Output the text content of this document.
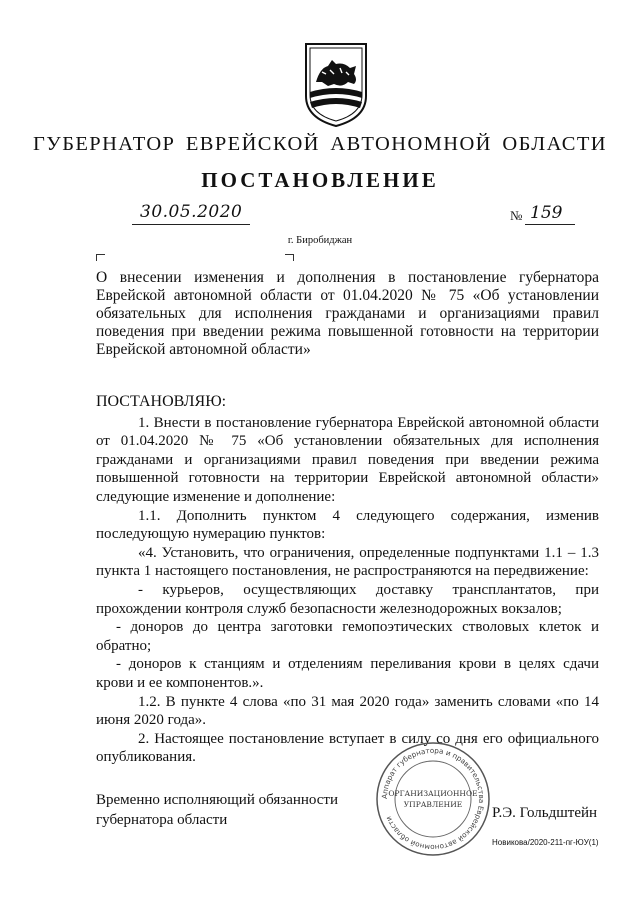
ГУБЕРНАТОР ЕВРЕЙСКОЙ АВТОНОМНОЙ ОБЛАСТИ
ПОСТАНОВЛЕНИЕ
30.05.2020	№ 159
г. Биробиджан
О внесении изменения и дополнения в постановление губернатора Еврейской автономной области от 01.04.2020 № 75 «Об установлении обязательных для исполнения гражданами и организациями правил поведения при введении режима повышенной готовности на территории Еврейской автономной области»

ПОСТАНОВЛЯЮ:

1. Внести в постановление губернатора Еврейской автономной области от 01.04.2020 № 75 «Об установлении обязательных для исполнения гражданами и организациями правил поведения при введении режима повышенной готовности на территории Еврейской автономной области» следующие изменение и дополнение:

1.1. Дополнить пунктом 4 следующего содержания, изменив последующую нумерацию пунктов:

«4. Установить, что ограничения, определенные подпунктами 1.1 – 1.3 пункта 1 настоящего постановления, не распространяются на передвижение:

- курьеров, осуществляющих доставку трансплантатов, при прохождении контроля служб безопасности железнодорожных вокзалов;

- доноров до центра заготовки гемопоэтических стволовых клеток и обратно;

- доноров к станциям и отделениям переливания крови в целях сдачи крови и ее компонентов.».

1.2. В пункте 4 слова «по 31 мая 2020 года» заменить словами «по 14 июня 2020 года».

2. Настоящее постановление вступает в силу со дня его официального опубликования.

Временно исполняющий обязанности
губернатора области
Аппарат губернатора и правительства Еврейской автономной области
ОРГАНИЗАЦИОННОЕ
УПРАВЛЕНИЕ
Р.Э. Гольдштейн
Новикова/2020-211-пг-ЮУ(1)
